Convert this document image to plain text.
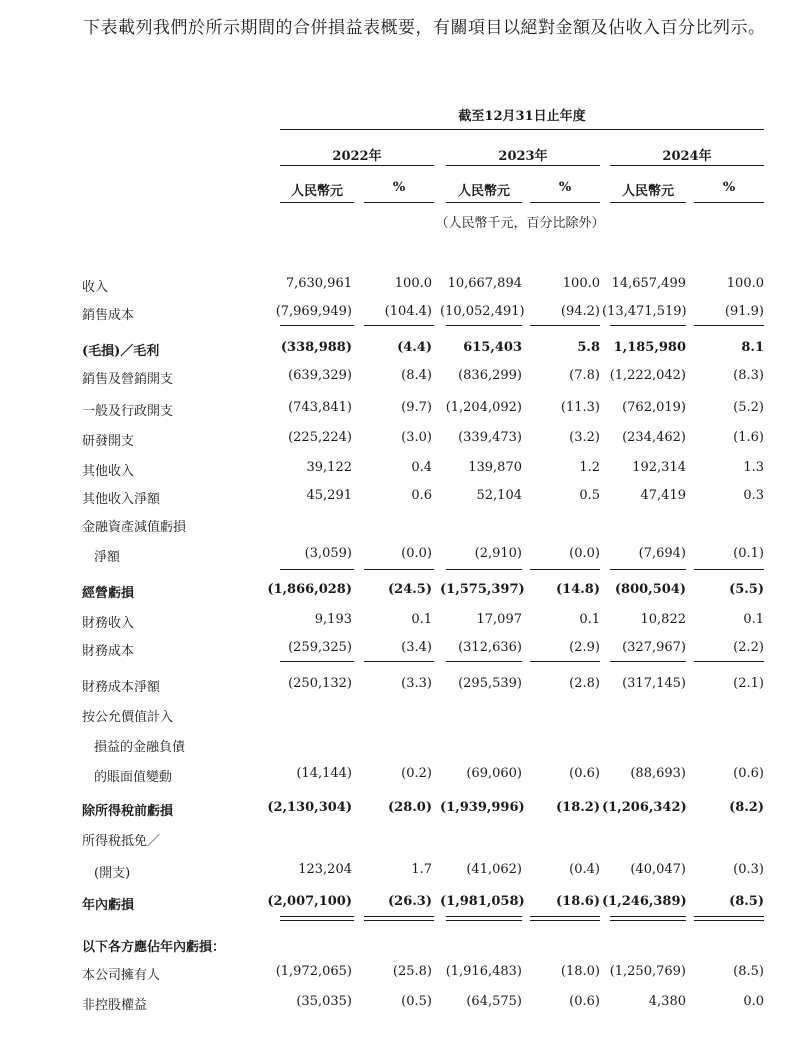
下表載列我們於所示期間的合併損益表概要，有關項目以絕對金額及佔收入百分比列示。

截至12月31日止年度
2022年	2023年	2024年
人民幣元	%	人民幣元	%	人民幣元	%
（人民幣千元，百分比除外）
收入	7,630,961	100.0	10,667,894	100.0 14,657,499	100.0
銷售成本	(7,969,949)	(104.4) (10,052,491)	(94.2) (13,471,519)	(91.9)
(毛損)／毛利	(338,988)	(4.4)	615,403	5.8	1,185,980	8.1
銷售及營銷開支	(639,329)	(8.4)	(836,299)	(7.8) (1,222,042)	(8.3)
一般及行政開支	(743,841)	(9.7)	(1,204,092)	(11.3)	(762,019)	(5.2)
研發開支	(225,224)	(3.0)	(339,473)	(3.2)	(234,462)	(1.6)
其他收入	39,122	0.4	139,870	1.2	192,314	1.3
其他收入淨額	45,291	0.6	52,104	0.5	47,419	0.3
金融資產減值虧損
淨額	(3,059)	(0.0)	(2,910)	(0.0)	(7,694)	(0.1)
經營虧損	(1,866,028)	(24.5) (1,575,397)	(14.8)	(800,504)	(5.5)
財務收入	9,193	0.1	17,097	0.1	10,822	0.1
財務成本	(259,325)	(3.4)	(312,636)	(2.9)	(327,967)	(2.2)
財務成本淨額	(250,132)	(3.3)	(295,539)	(2.8)	(317,145)	(2.1)
按公允價值計入
損益的金融負債
的賬面值變動	(14,144)	(0.2)	(69,060)	(0.6)	(88,693)	(0.6)
除所得稅前虧損	(2,130,304)	(28.0) (1,939,996)	(18.2) (1,206,342)	(8.2)
所得稅抵免／
(開支)	123,204	1.7	(41,062)	(0.4)	(40,047)	(0.3)
年內虧損	(2,007,100)	(26.3) (1,981,058)	(18.6) (1,246,389)	(8.5)
以下各方應佔年內虧損：
本公司擁有人	(1,972,065)	(25.8)	(1,916,483)	(18.0) (1,250,769)	(8.5)
非控股權益	(35,035)	(0.5)	(64,575)	(0.6)	4,380	0.0
